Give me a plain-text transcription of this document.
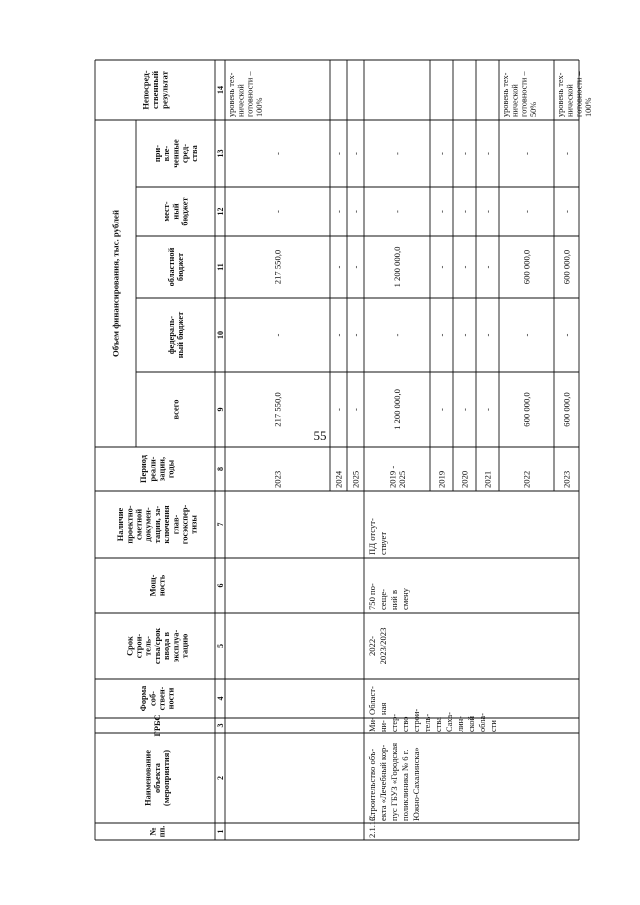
55
№пп.
Наименованиеобъекта(мероприятия)
ГРБС
Формасоб-ствен-ности
Срокстрои-тель-ства/срокввода вэксплуа-тацию
Мощ-ность
Наличиепроектно-сметнойдокумен-тации, за-ключенияглав-госэкспер-тизы
Периодреали-зации,годы
Объем финансирования, тыс. рублей
всего
федераль-ный бюджет
областнойбюджет
мест-ныйбюджет
при-вле-ченныесред-ства
Непосред-ственныйрезультат
1
2
3
4
5
6
7
8
9
10
11
12
13
14
2023
217 550,0
-
217 550,0
-
-
уровень тех-ническойготовности –100%
2024
-
-
-
-
-
2025
-
-
-
-
-
2019 -2025
1 200 000,0
-
1 200 000,0
-
-
2019
-
-
-
-
-
2020
-
-
-
-
-
2021
-
-
-
-
-
2022
600 000,0
-
600 000,0
-
-
уровень тех-ническойготовности –50%
2023
600 000,0
-
600 000,0
-
-
уровень тех-ническойготовности –100%
2.1.13.
Строительство объ-екта «Лечебный кор-пус ГБУЗ «Городскаяполиклиника № 6 г.Южно-Сахалинска»
Ми- ни- стер- ство строи- тель- ства Саха- лин- ской обла- сти
Област-ная
2022-2023/2023
750 по-сеще-ний всмену
ПД отсут-ствует
